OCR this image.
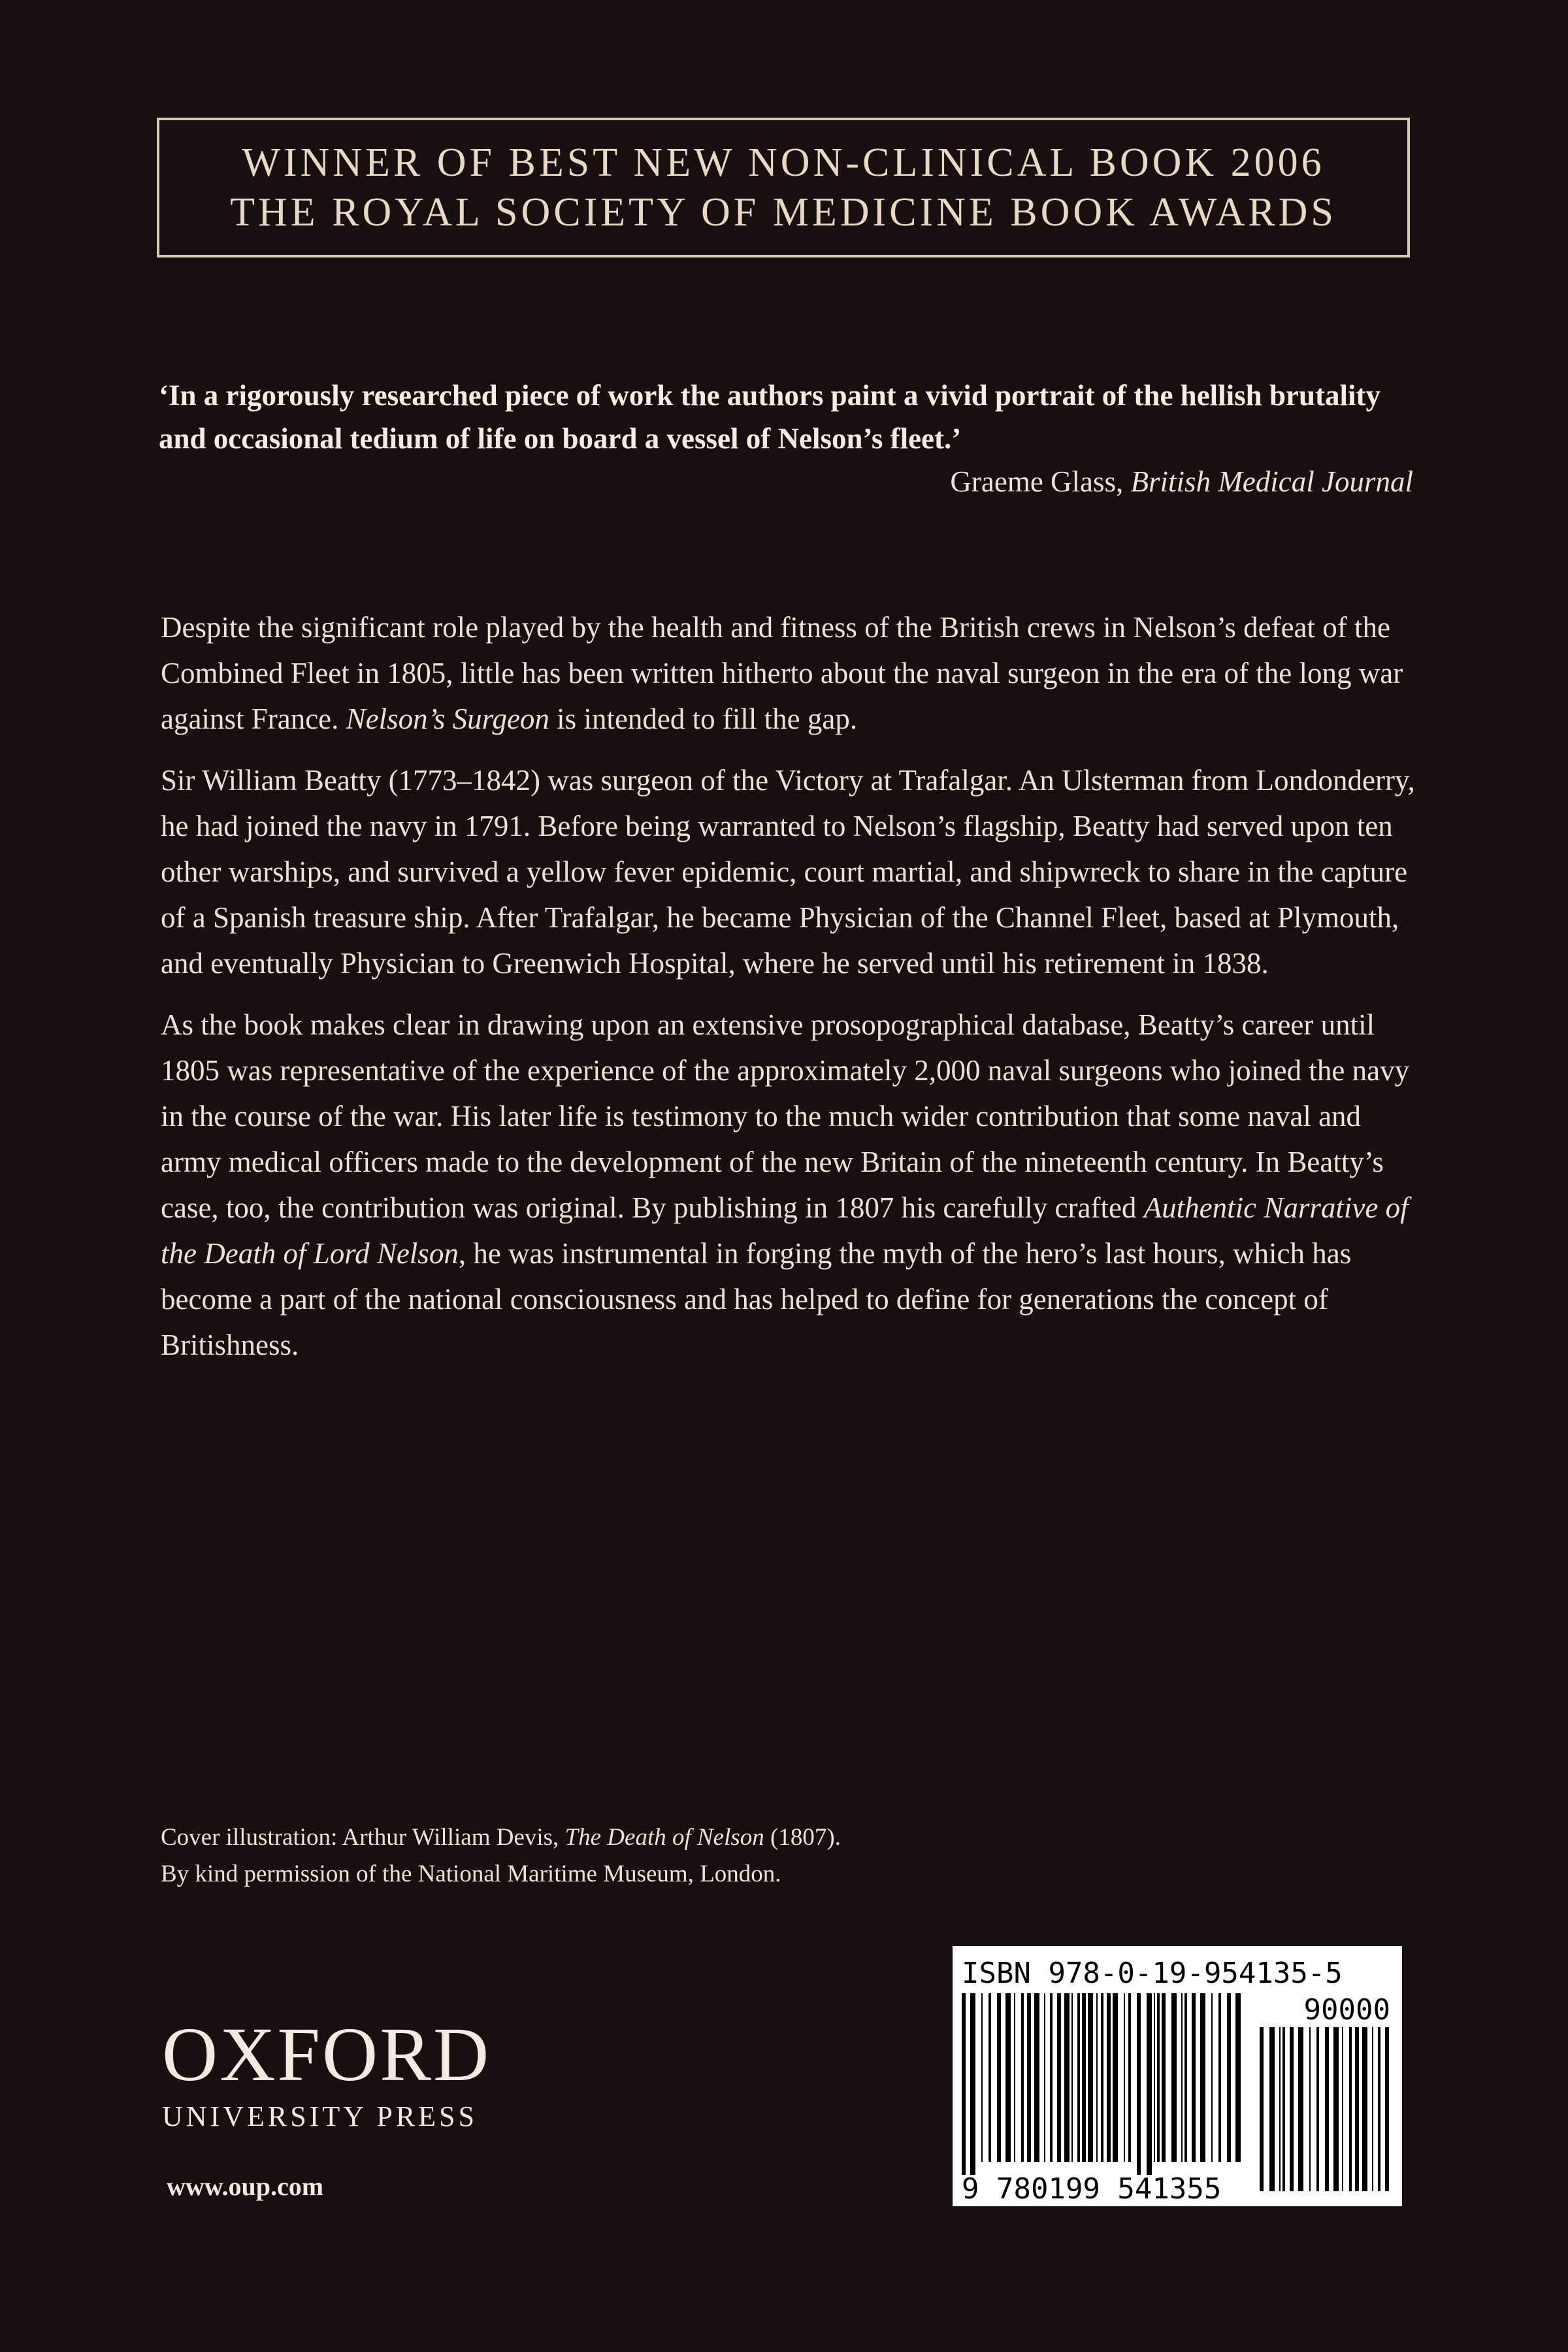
WINNER OF BEST NEW NON-CLINICAL BOOK 2006
THE ROYAL SOCIETY OF MEDICINE BOOK AWARDS
‘In a rigorously researched piece of work the authors paint a vivid portrait of the hellish brutality and occasional tedium of life on board a vessel of Nelson’s fleet.’
Graeme Glass, British Medical Journal

Despite the significant role played by the health and fitness of the British crews in Nelson’s defeat of the Combined Fleet in 1805, little has been written hitherto about the naval surgeon in the era of the long war against France. Nelson’s Surgeon is intended to fill the gap.

Sir William Beatty (1773–1842) was surgeon of the Victory at Trafalgar. An Ulsterman from Londonderry, he had joined the navy in 1791. Before being warranted to Nelson’s flagship, Beatty had served upon ten other warships, and survived a yellow fever epidemic, court martial, and shipwreck to share in the capture of a Spanish treasure ship. After Trafalgar, he became Physician of the Channel Fleet, based at Plymouth, and eventually Physician to Greenwich Hospital, where he served until his retirement in 1838.

As the book makes clear in drawing upon an extensive prosopographical database, Beatty’s career until 1805 was representative of the experience of the approximately 2,000 naval surgeons who joined the navy in the course of the war. His later life is testimony to the much wider contribution that some naval and army medical officers made to the development of the new Britain of the nineteenth century. In Beatty’s case, too, the contribution was original. By publishing in 1807 his carefully crafted Authentic Narrative of the Death of Lord Nelson, he was instrumental in forging the myth of the hero’s last hours, which has become a part of the national consciousness and has helped to define for generations the concept of Britishness.

Cover illustration: Arthur William Devis, The Death of Nelson (1807).
By kind permission of the National Maritime Museum, London.
OXFORD
UNIVERSITY PRESS
www.oup.com
ISBN 978-0-19-954135-5
90000
9 780199 541355
